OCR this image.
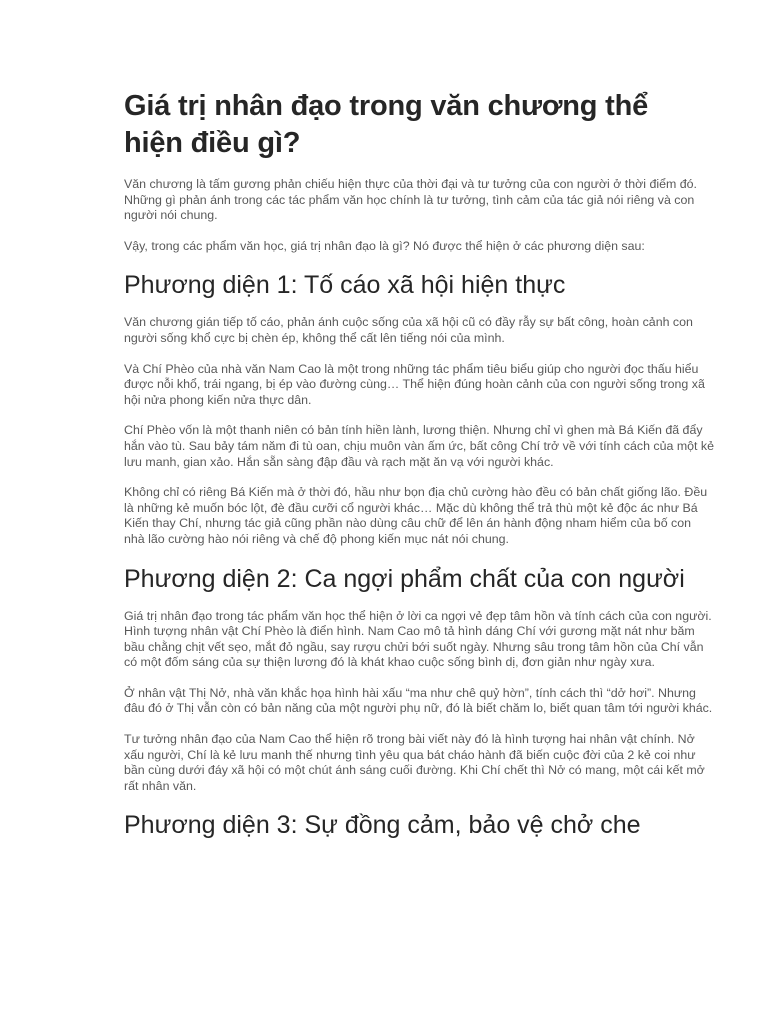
Giá trị nhân đạo trong văn chương thể hiện điều gì?

Văn chương là tấm gương phản chiếu hiện thực của thời đại và tư tưởng của con người ở thời điểm đó. Những gì phản ánh trong các tác phẩm văn học chính là tư tưởng, tình cảm của tác giả nói riêng và con người nói chung.

Vậy, trong các phẩm văn học, giá trị nhân đạo là gì? Nó được thể hiện ở các phương diện sau:

Phương diện 1: Tố cáo xã hội hiện thực

Văn chương gián tiếp tố cáo, phản ánh cuộc sống của xã hội cũ có đầy rẫy sự bất công, hoàn cảnh con người sống khổ cực bị chèn ép, không thể cất lên tiếng nói của mình.

Và Chí Phèo của nhà văn Nam Cao là một trong những tác phẩm tiêu biểu giúp cho người đọc thấu hiểu được nỗi khổ, trái ngang, bị ép vào đường cùng… Thể hiện đúng hoàn cảnh của con người sống trong xã hội nửa phong kiến nửa thực dân.

Chí Phèo vốn là một thanh niên có bản tính hiền lành, lương thiện. Nhưng chỉ vì ghen mà Bá Kiến đã đẩy hắn vào tù. Sau bảy tám năm đi tù oan, chịu muôn vàn ấm ức, bất công Chí trở về với tính cách của một kẻ lưu manh, gian xảo. Hắn sẵn sàng đập đầu và rạch mặt ăn vạ với người khác.

Không chỉ có riêng Bá Kiến mà ở thời đó, hầu như bọn địa chủ cường hào đều có bản chất giống lão. Đều là những kẻ muốn bóc lột, đè đầu cưỡi cổ người khác… Mặc dù không thể trả thù một kẻ độc ác như Bá Kiến thay Chí, nhưng tác giả cũng phần nào dùng câu chữ để lên án hành động nham hiểm của bố con nhà lão cường hào nói riêng và chế độ phong kiến mục nát nói chung.

Phương diện 2: Ca ngợi phẩm chất của con người

Giá trị nhân đạo trong tác phẩm văn học thể hiện ở lời ca ngợi vẻ đẹp tâm hồn và tính cách của con người. Hình tượng nhân vật Chí Phèo là điển hình. Nam Cao mô tả hình dáng Chí với gương mặt nát như băm bầu chằng chịt vết sẹo, mắt đỏ ngầu, say rượu chửi bới suốt ngày. Nhưng sâu trong tâm hồn của Chí vẫn có một đốm sáng của sự thiện lương đó là khát khao cuộc sống bình dị, đơn giản như ngày xưa.

Ở nhân vật Thị Nở, nhà văn khắc họa hình hài xấu “ma như chê quỷ hờn”, tính cách thì “dở hơi”. Nhưng đâu đó ở Thị vẫn còn có bản năng của một người phụ nữ, đó là biết chăm lo, biết quan tâm tới người khác.

Tư tưởng nhân đạo của Nam Cao thể hiện rõ trong bài viết này đó là hình tượng hai nhân vật chính. Nở xấu người, Chí là kẻ lưu manh thế nhưng tình yêu qua bát cháo hành đã biến cuộc đời của 2 kẻ coi như bần cùng dưới đáy xã hội có một chút ánh sáng cuối đường. Khi Chí chết thì Nở có mang, một cái kết mở rất nhân văn.

Phương diện 3: Sự đồng cảm, bảo vệ chở che
